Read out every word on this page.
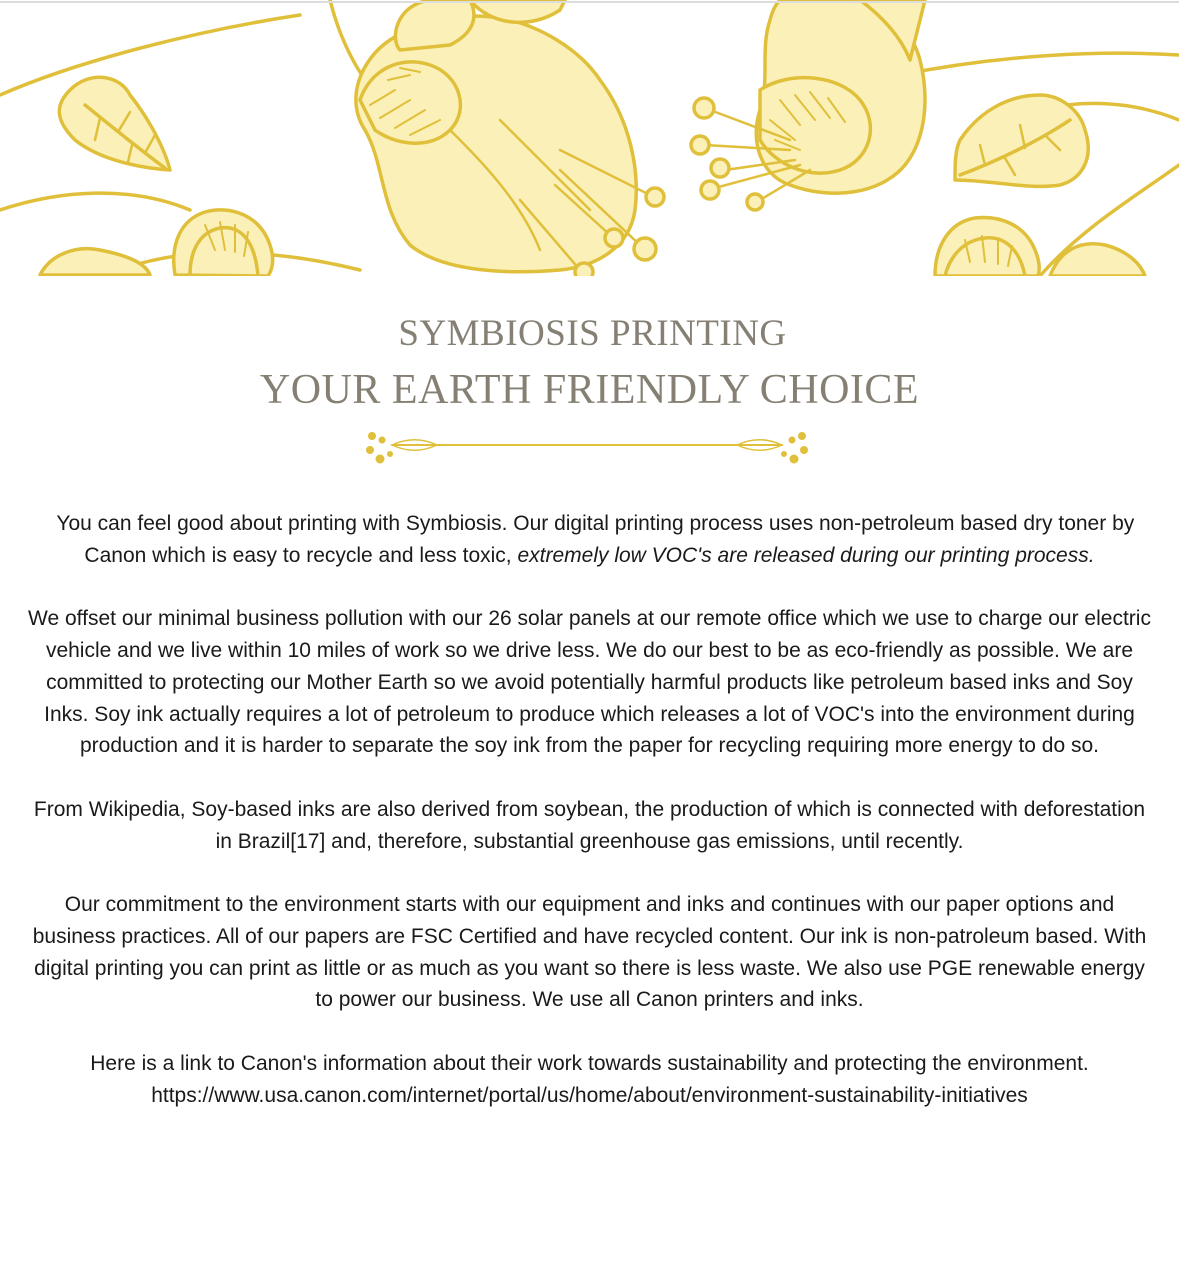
SYMBIOSIS PRINTING
YOUR EARTH FRIENDLY CHOICE

You can feel good about printing with Symbiosis. Our digital printing process uses non-petroleum based dry toner by Canon which is easy to recycle and less toxic, extremely low VOC's are released during our printing process.

We offset our minimal business pollution with our 26 solar panels at our remote office which we use to charge our electric vehicle and we live within 10 miles of work so we drive less. We do our best to be as eco-friendly as possible. We are committed to protecting our Mother Earth so we avoid potentially harmful products like petroleum based inks and Soy Inks. Soy ink actually requires a lot of petroleum to produce which releases a lot of VOC's into the environment during production and it is harder to separate the soy ink from the paper for recycling requiring more energy to do so.

From Wikipedia, Soy-based inks are also derived from soybean, the production of which is connected with deforestation in Brazil[17] and, therefore, substantial greenhouse gas emissions, until recently.

Our commitment to the environment starts with our equipment and inks and continues with our paper options and business practices. All of our papers are FSC Certified and have recycled content. Our ink is non-patroleum based. With digital printing you can print as little or as much as you want so there is less waste. We also use PGE renewable energy to power our business. We use all Canon printers and inks.

Here is a link to Canon's information about their work towards sustainability and protecting the environment.
https://www.usa.canon.com/internet/portal/us/home/about/environment-sustainability-initiatives
